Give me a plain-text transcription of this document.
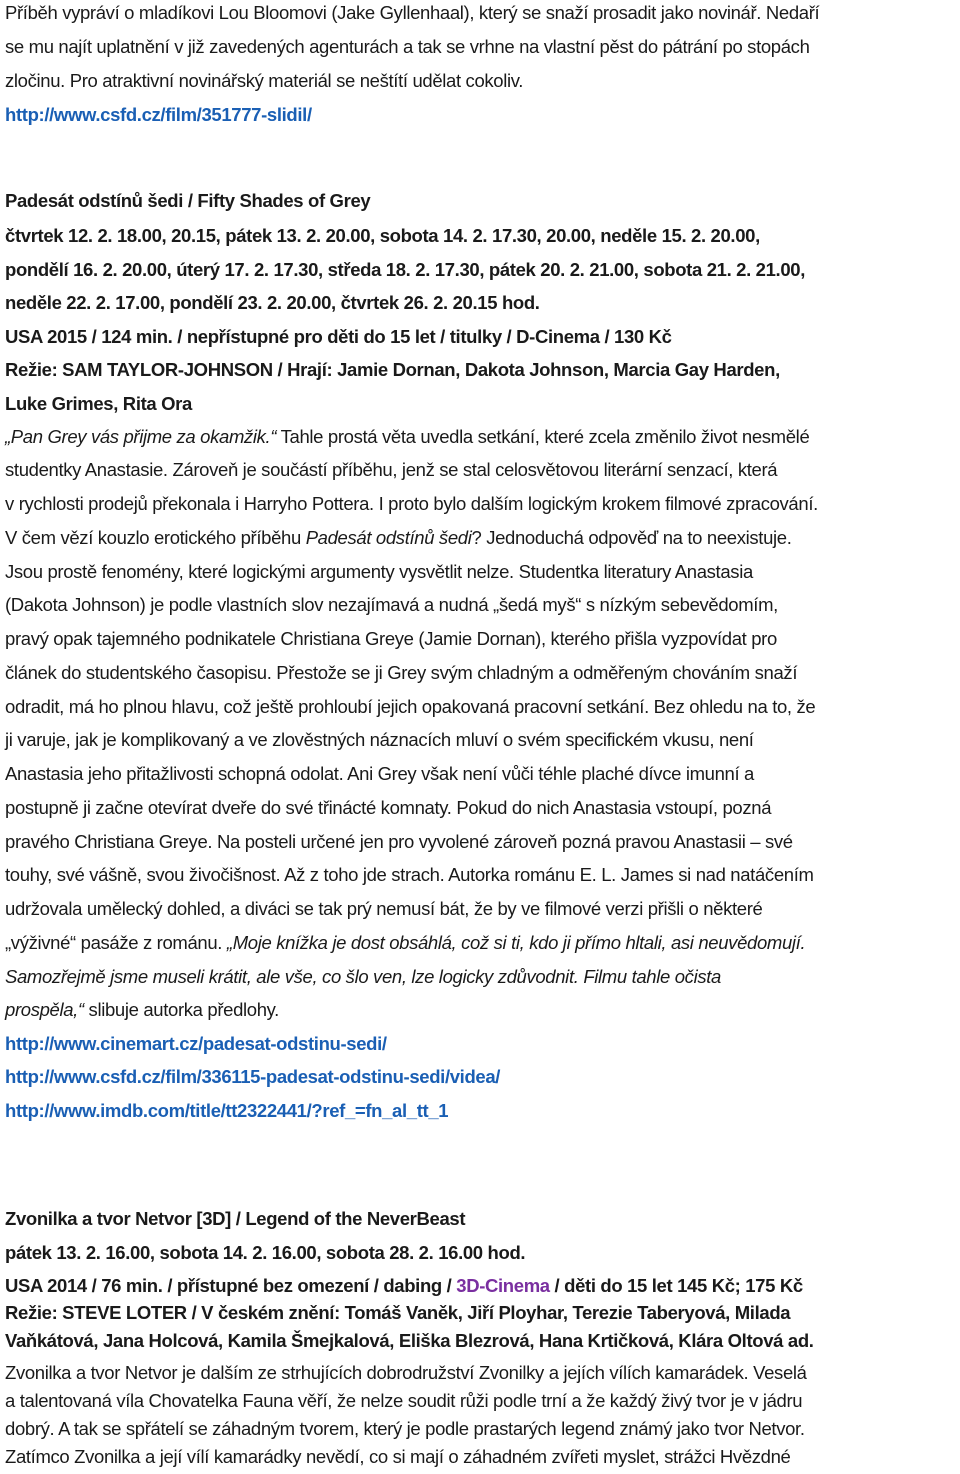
Příběh vypráví o mladíkovi Lou Bloomovi (Jake Gyllenhaal), který se snaží prosadit jako novinář. Nedaří
se mu najít uplatnění v již zavedených agenturách a tak se vrhne na vlastní pěst do pátrání po stopách
zločinu. Pro atraktivní novinářský materiál se neštítí udělat cokoliv.
http://www.csfd.cz/film/351777-slidil/
Padesát odstínů šedi / Fifty Shades of Grey
čtvrtek 12. 2. 18.00, 20.15, pátek 13. 2. 20.00, sobota 14. 2. 17.30, 20.00, neděle 15. 2. 20.00,
pondělí 16. 2. 20.00, úterý 17. 2. 17.30, středa 18. 2. 17.30, pátek 20. 2. 21.00, sobota 21. 2. 21.00,
neděle 22. 2. 17.00, pondělí 23. 2. 20.00, čtvrtek 26. 2. 20.15 hod.
USA 2015 / 124 min. / nepřístupné pro děti do 15 let / titulky / D-Cinema / 130 Kč
Režie: SAM TAYLOR-JOHNSON / Hrají: Jamie Dornan, Dakota Johnson, Marcia Gay Harden,
Luke Grimes, Rita Ora
„Pan Grey vás přijme za okamžik.“ Tahle prostá věta uvedla setkání, které zcela změnilo život nesmělé
studentky Anastasie. Zároveň je součástí příběhu, jenž se stal celosvětovou literární senzací, která
v rychlosti prodejů překonala i Harryho Pottera. I proto bylo dalším logickým krokem filmové zpracování.
V čem vězí kouzlo erotického příběhu Padesát odstínů šedi? Jednoduchá odpověď na to neexistuje.
Jsou prostě fenomény, které logickými argumenty vysvětlit nelze. Studentka literatury Anastasia
(Dakota Johnson) je podle vlastních slov nezajímavá a nudná „šedá myš“ s nízkým sebevědomím,
pravý opak tajemného podnikatele Christiana Greye (Jamie Dornan), kterého přišla vyzpovídat pro
článek do studentského časopisu. Přestože se ji Grey svým chladným a odměřeným chováním snaží
odradit, má ho plnou hlavu, což ještě prohloubí jejich opakovaná pracovní setkání. Bez ohledu na to, že
ji varuje, jak je komplikovaný a ve zlověstných náznacích mluví o svém specifickém vkusu, není
Anastasia jeho přitažlivosti schopná odolat. Ani Grey však není vůči téhle plaché dívce imunní a
postupně ji začne otevírat dveře do své třinácté komnaty. Pokud do nich Anastasia vstoupí, pozná
pravého Christiana Greye. Na posteli určené jen pro vyvolené zároveň pozná pravou Anastasii – své
touhy, své vášně, svou živočišnost. Až z toho jde strach. Autorka románu E. L. James si nad natáčením
udržovala umělecký dohled, a diváci se tak prý nemusí bát, že by ve filmové verzi přišli o některé
„výživné“ pasáže z románu. „Moje knížka je dost obsáhlá, což si ti, kdo ji přímo hltali, asi neuvědomují.
Samozřejmě jsme museli krátit, ale vše, co šlo ven, lze logicky zdůvodnit. Filmu tahle očista
prospěla,“ slibuje autorka předlohy.
http://www.cinemart.cz/padesat-odstinu-sedi/
http://www.csfd.cz/film/336115-padesat-odstinu-sedi/videa/
http://www.imdb.com/title/tt2322441/?ref_=fn_al_tt_1
Zvonilka a tvor Netvor [3D] / Legend of the NeverBeast
pátek 13. 2. 16.00, sobota 14. 2. 16.00, sobota 28. 2. 16.00 hod.
USA 2014 / 76 min. / přístupné bez omezení / dabing / 3D-Cinema / děti do 15 let 145 Kč; 175 Kč
Režie: STEVE LOTER / V českém znění: Tomáš Vaněk, Jiří Ployhar, Terezie Taberyová, Milada
Vaňkátová, Jana Holcová, Kamila Šmejkalová, Eliška Blezrová, Hana Krtičková, Klára Oltová ad.
Zvonilka a tvor Netvor je dalším ze strhujících dobrodružství Zvonilky a jejích vílích kamarádek. Veselá
a talentovaná víla Chovatelka Fauna věří, že nelze soudit růži podle trní a že každý živý tvor je v jádru
dobrý. A tak se spřátelí se záhadným tvorem, který je podle prastarých legend známý jako tvor Netvor.
Zatímco Zvonilka a její vílí kamarádky nevědí, co si mají o záhadném zvířeti myslet, strážci Hvězdné
